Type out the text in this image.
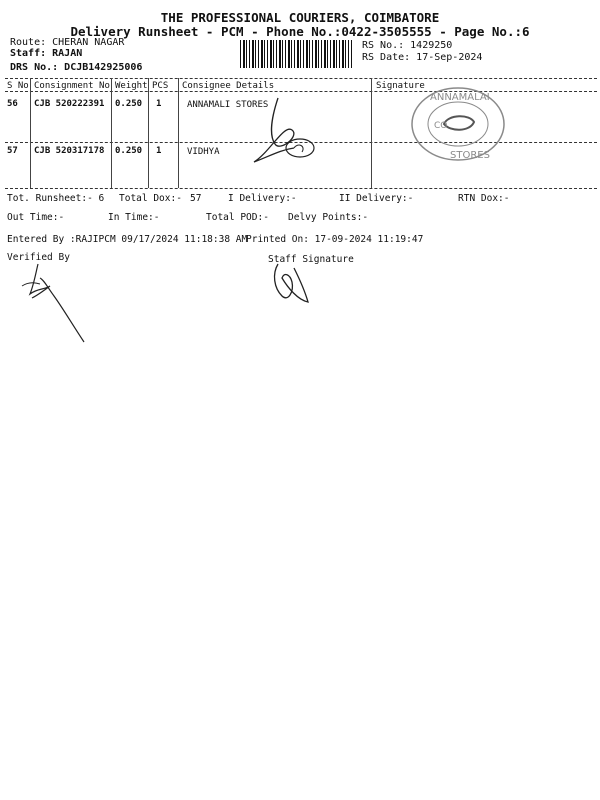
THE PROFESSIONAL COURIERS, COIMBATORE
Delivery Runsheet - PCM - Phone No.:0422-3505555 - Page No.:6
Route: CHERAN NAGAR
Staff: RAJAN
DRS No.: DCJB142925006
RS No.: 1429250
RS Date: 17-Sep-2024
S No Consignment No Weight PCS Consignee Details	Signature
56 CJB 520222391 0.250 1	ANNAMALI STORES
57 CJB 520317178 0.250 1	VIDHYA
ANNAMALAI
CO
STORES
Tot. Runsheet:- 6 Total Dox:- 57	I Delivery:-	II Delivery:-	RTN Dox:-
Out Time:-	In Time:-	Total POD:- Delvy Points:-
Entered By :RAJIPCM 09/17/2024 11:18:38 AM
Printed On: 17-09-2024 11:19:47
Verified By	Staff Signature
